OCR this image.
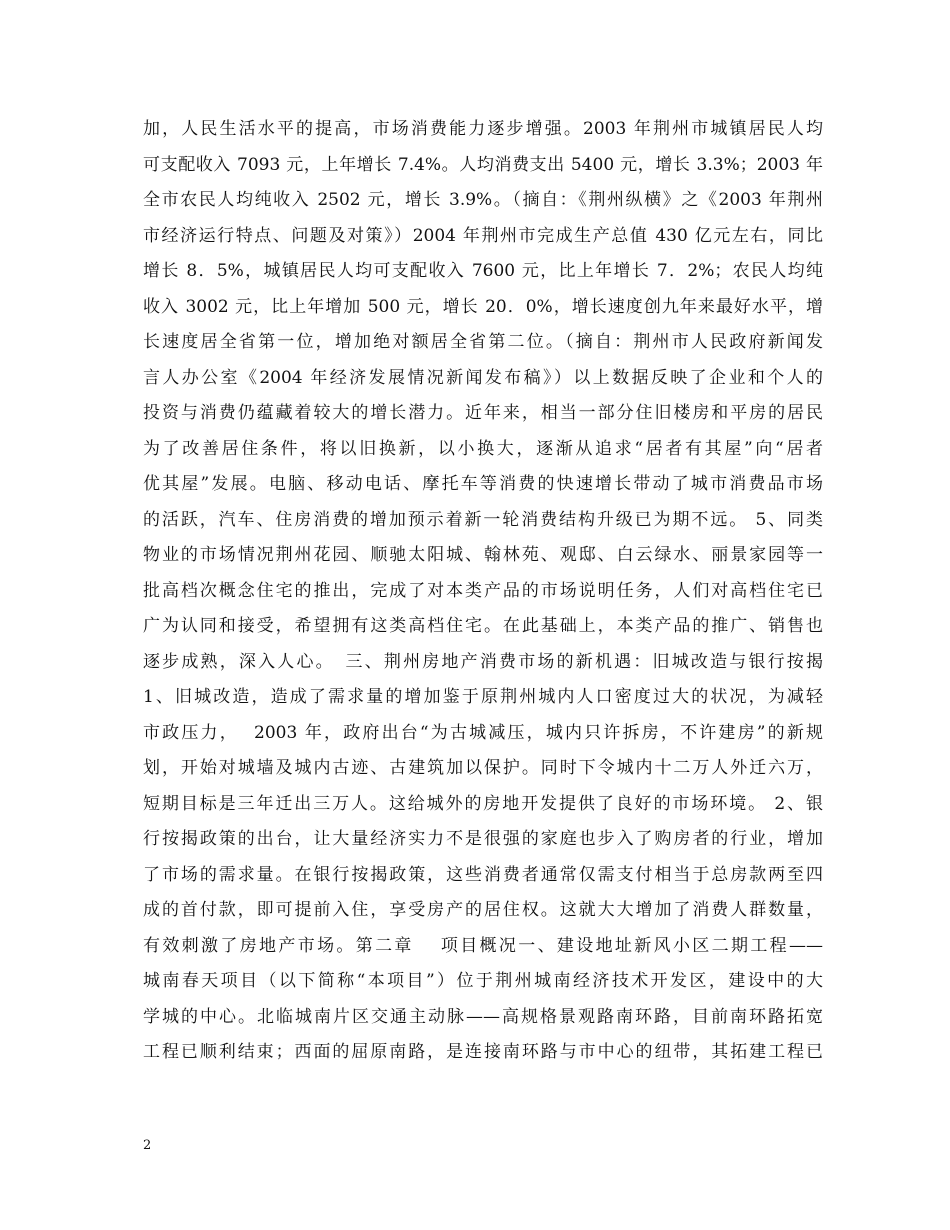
加，人民生活水平的提高，市场消费能力逐步增强。2003 年荆州市城镇居民人均
可支配收入 7093 元，上年增长 7.4%。人均消费支出 5400 元，增长 3.3%；2003 年
全市农民人均纯收入 2502 元，增长 3.9%。（摘自：《荆州纵横》之《2003 年荆州
市经济运行特点、问题及对策》）2004 年荆州市完成生产总值 430 亿元左右，同比
增长 8．5%，城镇居民人均可支配收入 7600 元，比上年增长 7．2%；农民人均纯
收入 3002 元，比上年增加 500 元，增长 20．0%，增长速度创九年来最好水平，增
长速度居全省第一位，增加绝对额居全省第二位。（摘自：荆州市人民政府新闻发
言人办公室《2004 年经济发展情况新闻发布稿》）以上数据反映了企业和个人的
投资与消费仍蕴藏着较大的增长潜力。近年来，相当一部分住旧楼房和平房的居民
为了改善居住条件，将以旧换新，以小换大，逐渐从追求“居者有其屋”向“居者
优其屋”发展。电脑、移动电话、摩托车等消费的快速增长带动了城市消费品市场
的活跃，汽车、住房消费的增加预示着新一轮消费结构升级已为期不远。 5、同类
物业的市场情况荆州花园、顺驰太阳城、翰林苑、观邸、白云绿水、丽景家园等一
批高档次概念住宅的推出，完成了对本类产品的市场说明任务，人们对高档住宅已
广为认同和接受，希望拥有这类高档住宅。在此基础上，本类产品的推广、销售也
逐步成熟，深入人心。　三、荆州房地产消费市场的新机遇：旧城改造与银行按揭
1、旧城改造，造成了需求量的增加鉴于原荆州城内人口密度过大的状况，为减轻
市政压力，  2003 年，政府出台“为古城减压，城内只许拆房，不许建房”的新规
划，开始对城墙及城内古迹、古建筑加以保护。同时下令城内十二万人外迁六万，
短期目标是三年迁出三万人。这给城外的房地开发提供了良好的市场环境。 2、银
行按揭政策的出台，让大量经济实力不是很强的家庭也步入了购房者的行业，增加
了市场的需求量。在银行按揭政策，这些消费者通常仅需支付相当于总房款两至四
成的首付款，即可提前入住，享受房产的居住权。这就大大增加了消费人群数量，
有效刺激了房地产市场。第二章　 项目概况一、建设地址新风小区二期工程——
城南春天项目（以下简称“本项目”）位于荆州城南经济技术开发区，建设中的大
学城的中心。北临城南片区交通主动脉——高规格景观路南环路，目前南环路拓宽
工程已顺利结束；西面的屈原南路，是连接南环路与市中心的纽带，其拓建工程已
2
